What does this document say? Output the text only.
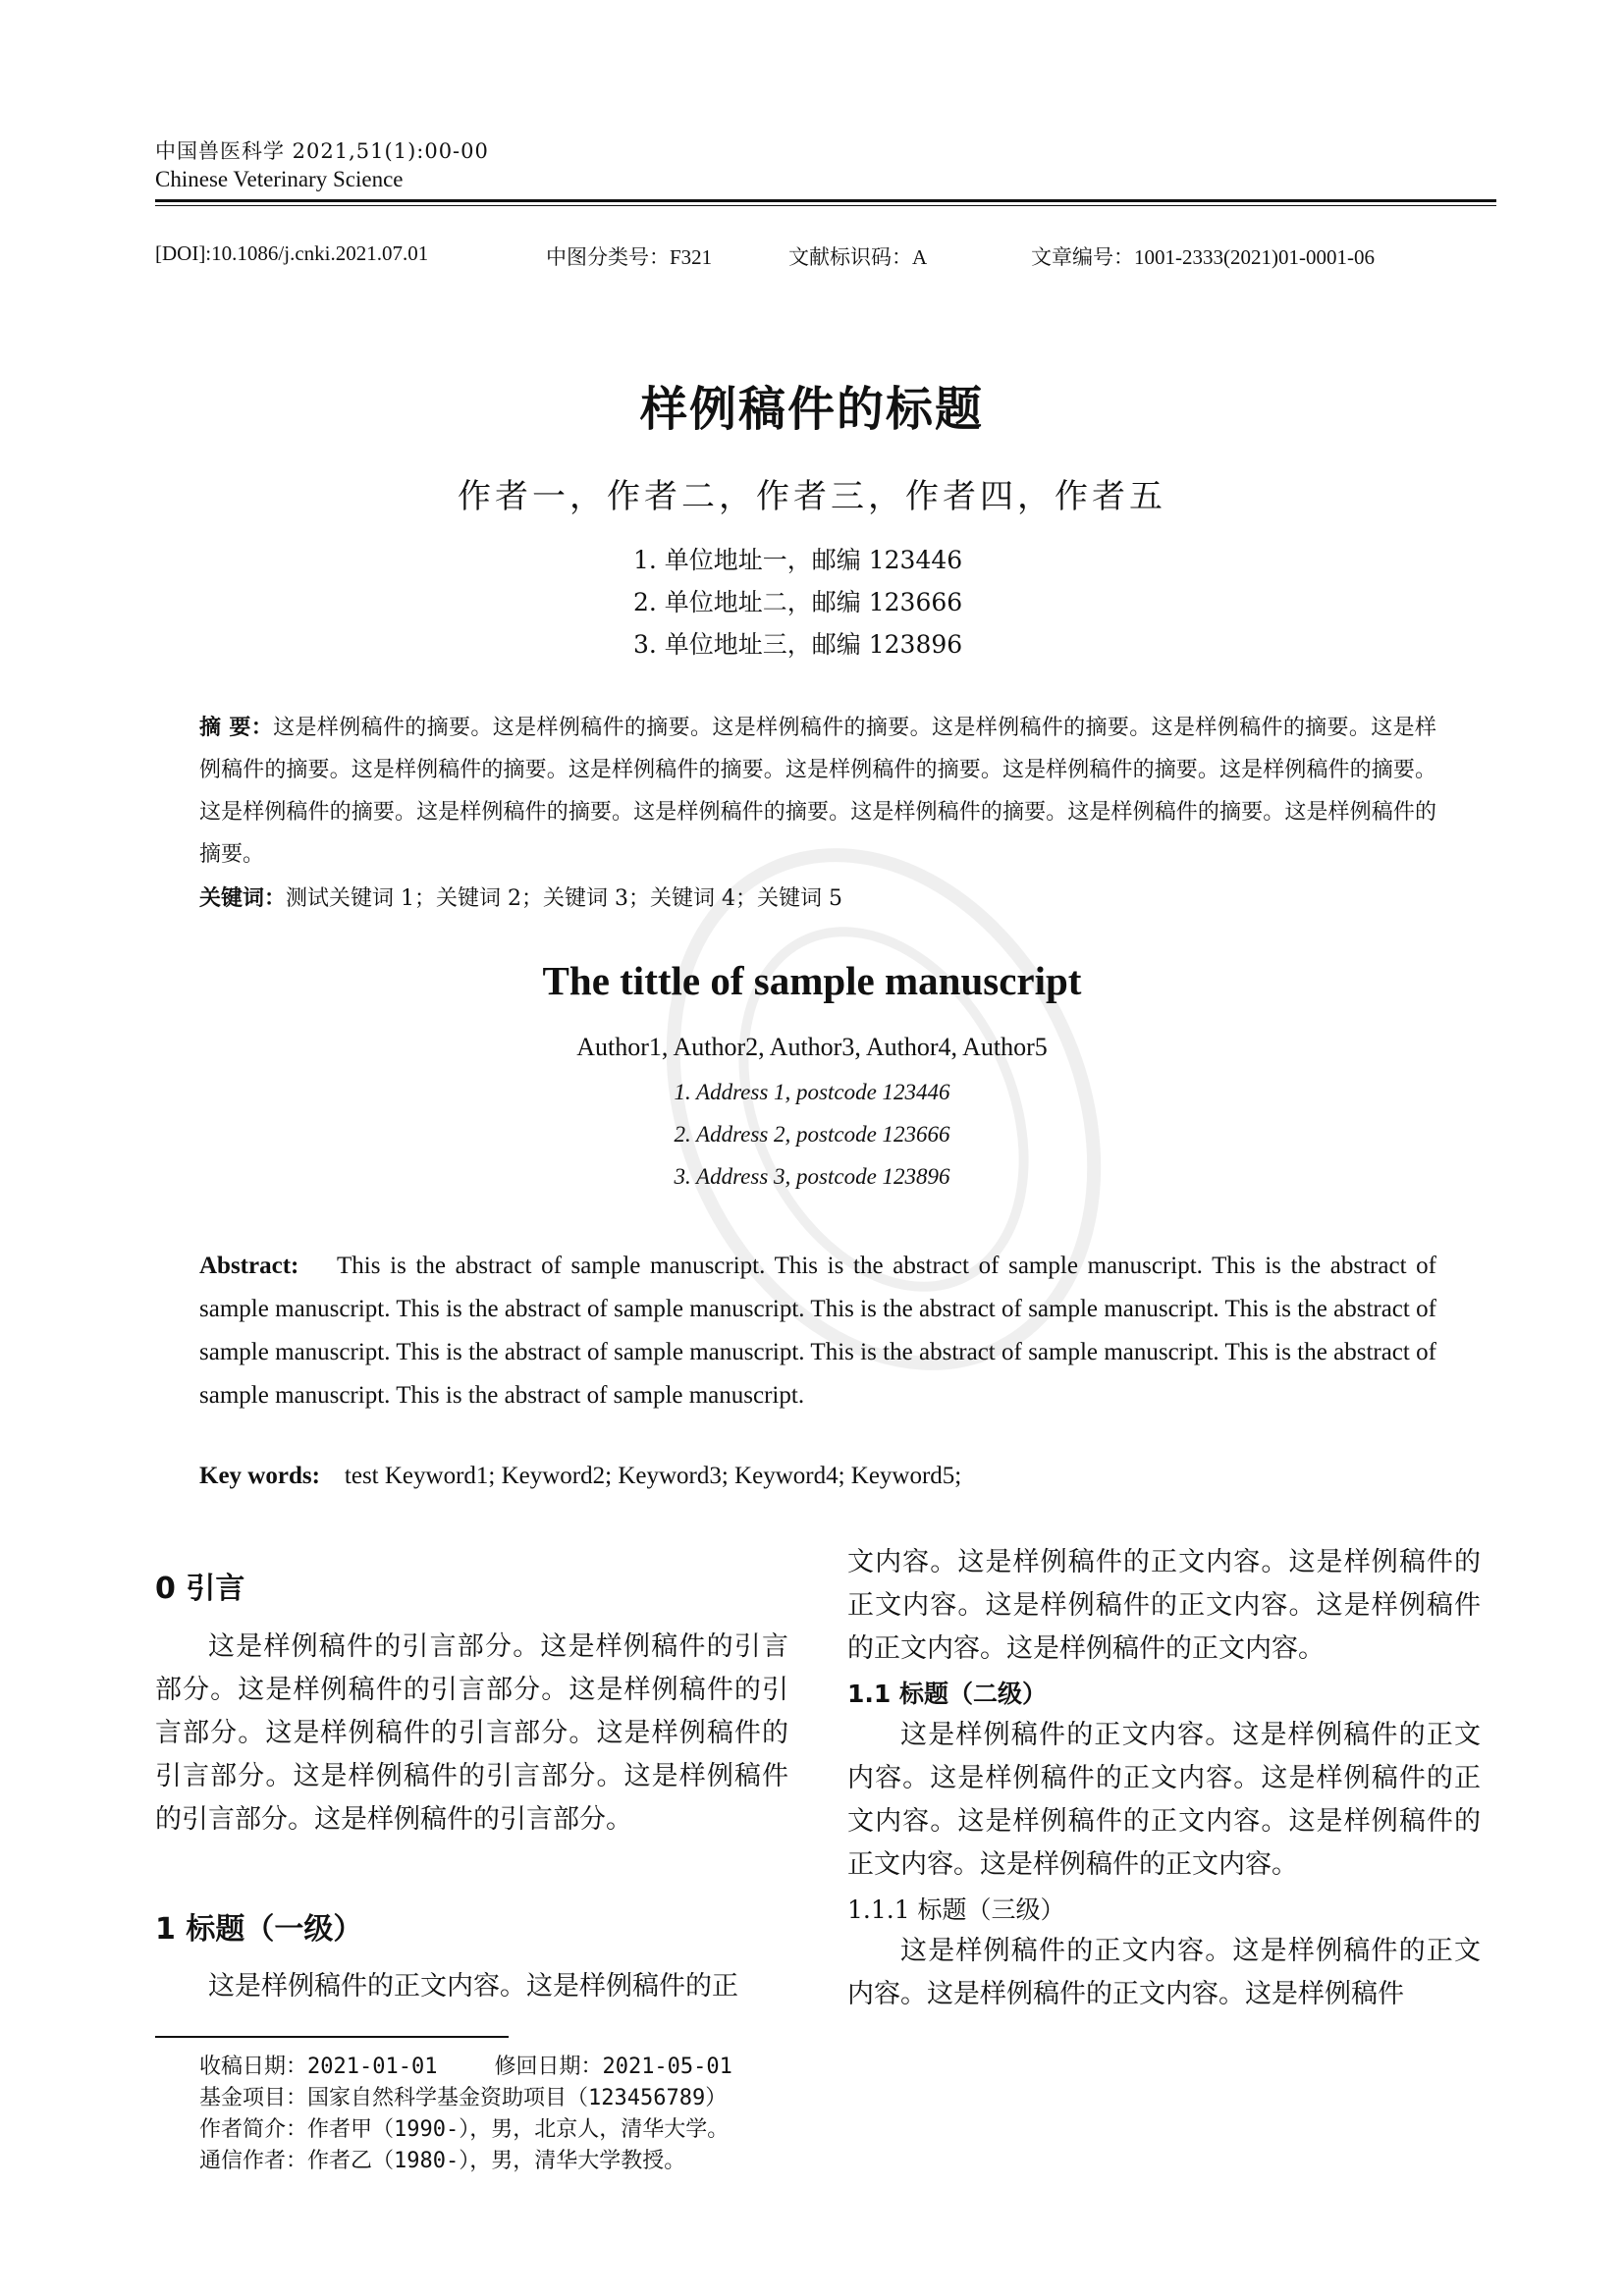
中国兽医科学 2021,51(1):00-00
Chinese Veterinary Science
[DOI]:10.1086/j.cnki.2021.07.01	中图分类号：F321	文献标识码：A	文章编号：1001-2333(2021)01-0001-06
样例稿件的标题
作者一，作者二，作者三，作者四，作者五
1. 单位地址一，邮编 123446
2. 单位地址二，邮编 123666
3. 单位地址三，邮编 123896
摘 要：这是样例稿件的摘要。这是样例稿件的摘要。这是样例稿件的摘要。这是样例稿件的摘要。这是样例稿件的摘要。这是样例稿件的摘要。这是样例稿件的摘要。这是样例稿件的摘要。这是样例稿件的摘要。这是样例稿件的摘要。这是样例稿件的摘要。这是样例稿件的摘要。这是样例稿件的摘要。这是样例稿件的摘要。这是样例稿件的摘要。这是样例稿件的摘要。这是样例稿件的摘要。
关键词：测试关键词 1；关键词 2；关键词 3；关键词 4；关键词 5
The tittle of sample manuscript
Author1, Author2, Author3, Author4, Author5
1. Address 1, postcode 123446
2. Address 2, postcode 123666
3. Address 3, postcode 123896
Abstract: This is the abstract of sample manuscript. This is the abstract of sample manuscript. This is the abstract of sample manuscript. This is the abstract of sample manuscript. This is the abstract of sample manuscript. This is the abstract of sample manuscript. This is the abstract of sample manuscript. This is the abstract of sample manuscript. This is the abstract of sample manuscript. This is the abstract of sample manuscript.
Key words: test Keyword1; Keyword2; Keyword3; Keyword4; Keyword5;
0 引言

这是样例稿件的引言部分。这是样例稿件的引言部分。这是样例稿件的引言部分。这是样例稿件的引言部分。这是样例稿件的引言部分。这是样例稿件的引言部分。这是样例稿件的引言部分。这是样例稿件的引言部分。这是样例稿件的引言部分。

1 标题（一级）

这是样例稿件的正文内容。这是样例稿件的正

文内容。这是样例稿件的正文内容。这是样例稿件的正文内容。这是样例稿件的正文内容。这是样例稿件的正文内容。这是样例稿件的正文内容。

1.1 标题（二级）

这是样例稿件的正文内容。这是样例稿件的正文内容。这是样例稿件的正文内容。这是样例稿件的正文内容。这是样例稿件的正文内容。这是样例稿件的正文内容。这是样例稿件的正文内容。

1.1.1 标题（三级）

这是样例稿件的正文内容。这是样例稿件的正文内容。这是样例稿件的正文内容。这是样例稿件

收稿日期：2021-01-01	修回日期：2021-05-01
基金项目：国家自然科学基金资助项目（123456789）
作者简介：作者甲（1990-），男，北京人，清华大学。
通信作者：作者乙（1980-），男，清华大学教授。
